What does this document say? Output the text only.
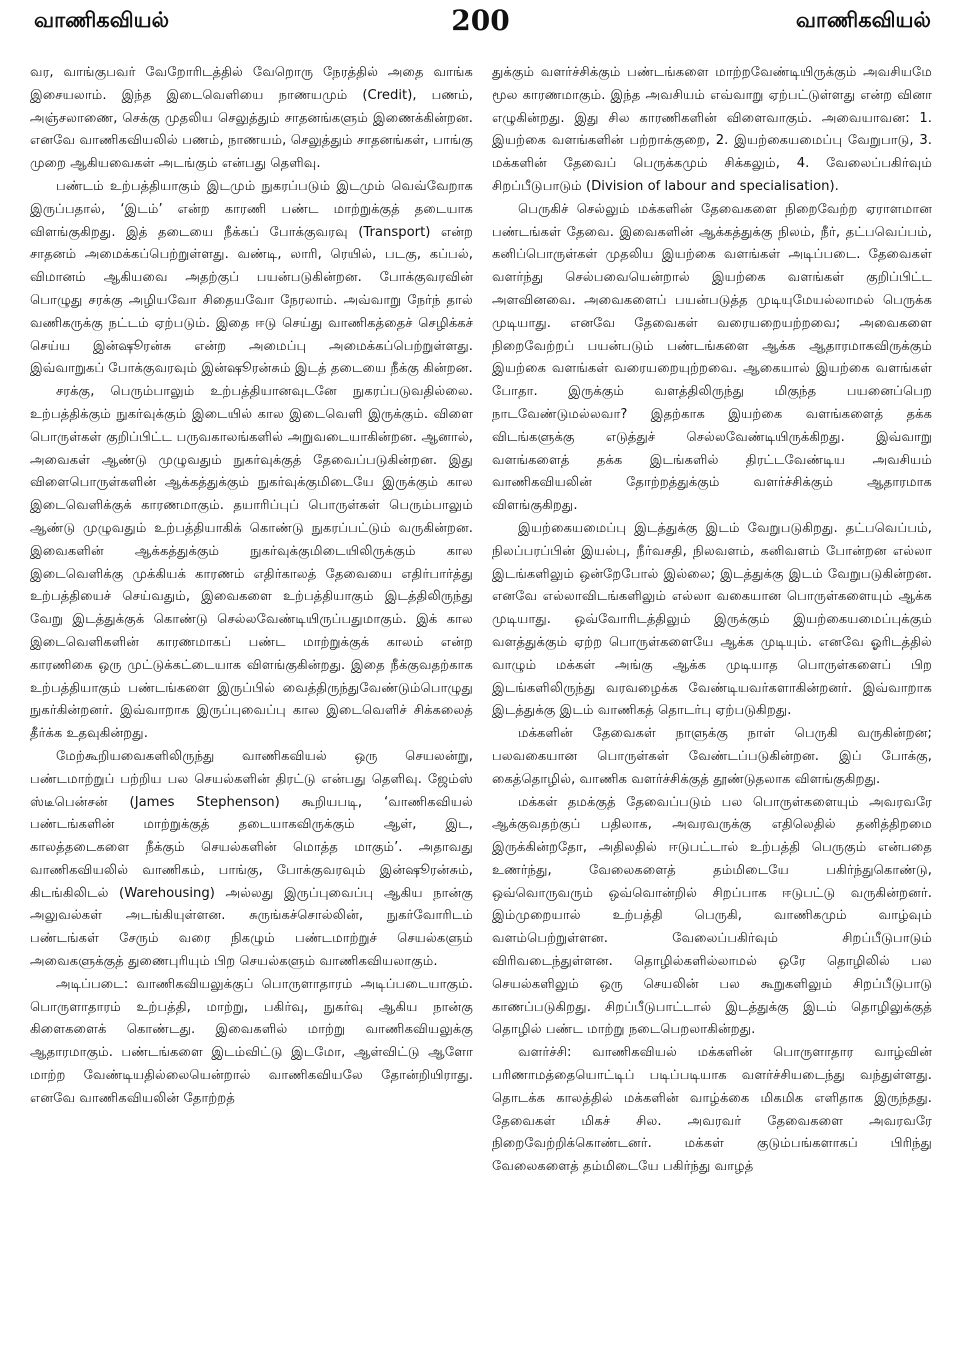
வாணிகவியல்	200	வாணிகவியல்

வர, வாங்குபவர் வேறோரிடத்தில் வேறொரு நேரத்தில் அதை வாங்க இசையலாம். இந்த இடைவெளியை நாணயமும் (Credit), பணம், அஞ்சலாணை, செக்கு முதலிய செலுத்தும் சாதனங்களும் இணைக்கின்றன. எனவே வாணிகவியலில் பணம், நாணயம், செலுத்தும் சாதனங்கள், பாங்கு முறை ஆகியவைகள் அடங்கும் என்பது தெளிவு.

பண்டம் உற்பத்தியாகும் இடமும் நுகரப்படும் இடமும் வெவ்வேறாக இருப்பதால், ‘இடம்’ என்ற காரணி பண்ட மாற்றுக்குத் தடையாக விளங்குகிறது. இத் தடையை நீக்கப் போக்குவரவு (Transport) என்ற சாதனம் அமைக்கப்பெற்றுள்ளது. வண்டி, லாரி, ரெயில், படகு, கப்பல், விமானம் ஆகியவை அதற்குப் பயன்படுகின்றன. போக்குவரவின் பொழுது சரக்கு அழியவோ சிதையவோ நேரலாம். அவ்வாறு நேர்ந் தால் வணிகருக்கு நட்டம் ஏற்படும். இதை ஈடு செய்து வாணிகத்தைச் செழிக்கச் செய்ய இன்ஷூரன்சு என்ற அமைப்பு அமைக்கப்பெற்றுள்ளது. இவ்வாறுகப் போக்குவரவும் இன்ஷூரன்சும் இடத் தடையை நீக்கு கின்றன.

சரக்கு, பெரும்பாலும் உற்பத்தியானவுடனே நுகரப்படுவதில்லை. உற்பத்திக்கும் நுகர்வுக்கும் இடையில் கால இடைவெளி இருக்கும். விளை பொருள்கள் குறிப்பிட்ட பருவகாலங்களில் அறுவடையாகின்றன. ஆனால், அவைகள் ஆண்டு முழுவதும் நுகர்வுக்குத் தேவைப்படுகின்றன. இது விளைபொருள்களின் ஆக்கத்துக்கும் நுகர்வுக்குமிடையே இருக்கும் கால இடைவெளிக்குக் காரணமாகும். தயாரிப்புப் பொருள்கள் பெரும்பாலும் ஆண்டு முழுவதும் உற்பத்தியாகிக் கொண்டு நுகரப்பட்டும் வருகின்றன. இவைகளின் ஆக்கத்துக்கும் நுகர்வுக்குமிடையிலிருக்கும் கால இடைவெளிக்கு முக்கியக் காரணம் எதிர்காலத் தேவையை எதிர்பார்த்து உற்பத்தியைச் செய்வதும், இவைகளை உற்பத்தியாகும் இடத்திலிருந்து வேறு இடத்துக்குக் கொண்டு செல்லவேண்டியிருப்பதுமாகும். இக் கால இடைவெளிகளின் காரணமாகப் பண்ட மாற்றுக்குக் காலம் என்ற காரணிகை ஒரு முட்டுக்கட்டையாக விளங்குகின்றது. இதை நீக்குவதற்காக உற்பத்தியாகும் பண்டங்களை இருப்பில் வைத்திருந்துவேண்டும்பொழுது நுகர்கின்றனர். இவ்வாறாக இருப்புவைப்பு கால இடைவெளிச் சிக்கலைத் தீர்க்க உதவுகின்றது.

மேற்கூறியவைகளிலிருந்து வாணிகவியல் ஒரு செயலன்று, பண்டமாற்றுப் பற்றிய பல செயல்களின் திரட்டு என்பது தெளிவு. ஜேம்ஸ் ஸ்டீபென்சன் (James Stephenson) கூறியபடி, ‘வாணிகவியல் பண்டங்களின் மாற்றுக்குத் தடையாகவிருக்கும் ஆள், இட, காலத்தடைகளை நீக்கும் செயல்களின் மொத்த மாகும்’. அதாவது வாணிகவியலில் வாணிகம், பாங்கு, போக்குவரவும் இன்ஷூரன்சும், கிடங்கிலிடல் (Warehousing) அல்லது இருப்புவைப்பு ஆகிய நான்கு அலுவல்கள் அடங்கியுள்ளன. சுருங்கச்சொல்லின், நுகர்வோரிடம் பண்டங்கள் சேரும் வரை நிகழும் பண்டமாற்றுச் செயல்களும் அவைகளுக்குத் துணைபுரியும் பிற செயல்களும் வாணிகவியலாகும்.

அடிப்படை: வாணிகவியலுக்குப் பொருளாதாரம் அடிப்படையாகும். பொருளாதாரம் உற்பத்தி, மாற்று, பகிர்வு, நுகர்வு ஆகிய நான்கு கிளைகளைக் கொண்டது. இவைகளில் மாற்று வாணிகவியலுக்கு ஆதாரமாகும். பண்டங்களை இடம்விட்டு இடமோ, ஆள்விட்டு ஆளோ மாற்ற வேண்டியதில்லையென்றால் வாணிகவியலே தோன்றியிராது. எனவே வாணிகவியலின் தோற்றத்

துக்கும் வளர்ச்சிக்கும் பண்டங்களை மாற்றவேண்டியிருக்கும் அவசியமே மூல காரணமாகும். இந்த அவசியம் எவ்வாறு ஏற்பட்டுள்ளது என்ற வினா எழுகின்றது. இது சில காரணிகளின் விளைவாகும். அவையாவன: 1. இயற்கை வளங்களின் பற்றாக்குறை, 2. இயற்கையமைப்பு வேறுபாடு, 3. மக்களின் தேவைப் பெருக்கமும் சிக்கலும், 4. வேலைப்பகிர்வும் சிறப்பீடுபாடும் (Division of labour and specialisation).

பெருகிச் செல்லும் மக்களின் தேவைகளை நிறைவேற்ற ஏராளமான பண்டங்கள் தேவை. இவைகளின் ஆக்கத்துக்கு நிலம், நீர், தட்பவெப்பம், கனிப்பொருள்கள் முதலிய இயற்கை வளங்கள் அடிப்படை. தேவைகள் வளர்ந்து செல்பவையென்றால் இயற்கை வளங்கள் குறிப்பிட்ட அளவினவை. அவைகளைப் பயன்படுத்த முடியுமேயல்லாமல் பெருக்க முடியாது. எனவே தேவைகள் வரையறையற்றவை; அவைகளை நிறைவேற்றப் பயன்படும் பண்டங்களை ஆக்க ஆதாரமாகவிருக்கும் இயற்கை வளங்கள் வரையறையுற்றவை. ஆகையால் இயற்கை வளங்கள் போதா. இருக்கும் வளத்திலிருந்து மிகுந்த பயனைப்பெற நாடவேண்டுமல்லவா? இதற்காக இயற்கை வளங்களைத் தக்க விடங்களுக்கு எடுத்துச் செல்லவேண்டியிருக்கிறது. இவ்வாறு வளங்களைத் தக்க இடங்களில் திரட்டவேண்டிய அவசியம் வாணிகவியலின் தோற்றத்துக்கும் வளர்ச்சிக்கும் ஆதாரமாக விளங்குகிறது.

இயற்கையமைப்பு இடத்துக்கு இடம் வேறுபடுகிறது. தட்பவெப்பம், நிலப்பரப்பின் இயல்பு, நீர்வசதி, நிலவளம், கனிவளம் போன்றன எல்லா இடங்களிலும் ஒன்றேபோல் இல்லை; இடத்துக்கு இடம் வேறுபடுகின்றன. எனவே எல்லாவிடங்களிலும் எல்லா வகையான பொருள்களையும் ஆக்க முடியாது. ஒவ்வோரிடத்திலும் இருக்கும் இயற்கையமைப்புக்கும் வளத்துக்கும் ஏற்ற பொருள்களையே ஆக்க முடியும். எனவே ஓரிடத்தில் வாழும் மக்கள் அங்கு ஆக்க முடியாத பொருள்களைப் பிற இடங்களிலிருந்து வரவழைக்க வேண்டியவர்களாகின்றனர். இவ்வாறாக இடத்துக்கு இடம் வாணிகத் தொடர்பு ஏற்படுகிறது.

மக்களின் தேவைகள் நாளுக்கு நாள் பெருகி வருகின்றன; பலவகையான பொருள்கள் வேண்டப்படுகின்றன. இப் போக்கு, கைத்தொழில், வாணிக வளர்ச்சிக்குத் தூண்டுதலாக விளங்குகிறது.

மக்கள் தமக்குத் தேவைப்படும் பல பொருள்களையும் அவரவரே ஆக்குவதற்குப் பதிலாக, அவரவருக்கு எதிலெதில் தனித்திறமை இருக்கின்றதோ, அதிலதில் ஈடுபட்டால் உற்பத்தி பெருகும் என்பதை உணர்ந்து, வேலைகளைத் தம்மிடையே பகிர்ந்துகொண்டு, ஒவ்வொருவரும் ஒவ்வொன்றில் சிறப்பாக ஈடுபட்டு வருகின்றனர். இம்முறையால் உற்பத்தி பெருகி, வாணிகமும் வாழ்வும் வளம்பெற்றுள்ளன. வேலைப்பகிர்வும் சிறப்பீடுபாடும் விரிவடைந்துள்ளன. தொழில்களில்லாமல் ஒரே தொழிலில் பல செயல்களிலும் ஒரு செயலின் பல கூறுகளிலும் சிறப்பீடுபாடு காணப்படுகிறது. சிறப்பீடுபாட்டால் இடத்துக்கு இடம் தொழிலுக்குத் தொழில் பண்ட மாற்று நடைபெறலாகின்றது.

வளர்ச்சி: வாணிகவியல் மக்களின் பொருளாதார வாழ்வின் பரிணாமத்தையொட்டிப் படிப்படியாக வளர்ச்சியடைந்து வந்துள்ளது. தொடக்க காலத்தில் மக்களின் வாழ்க்கை மிகமிக எளிதாக இருந்தது. தேவைகள் மிகச் சில. அவரவர் தேவைகளை அவரவரே நிறைவேற்றிக்கொண்டனர். மக்கள் குடும்பங்களாகப் பிரிந்து வேலைகளைத் தம்மிடையே பகிர்ந்து வாழத்
